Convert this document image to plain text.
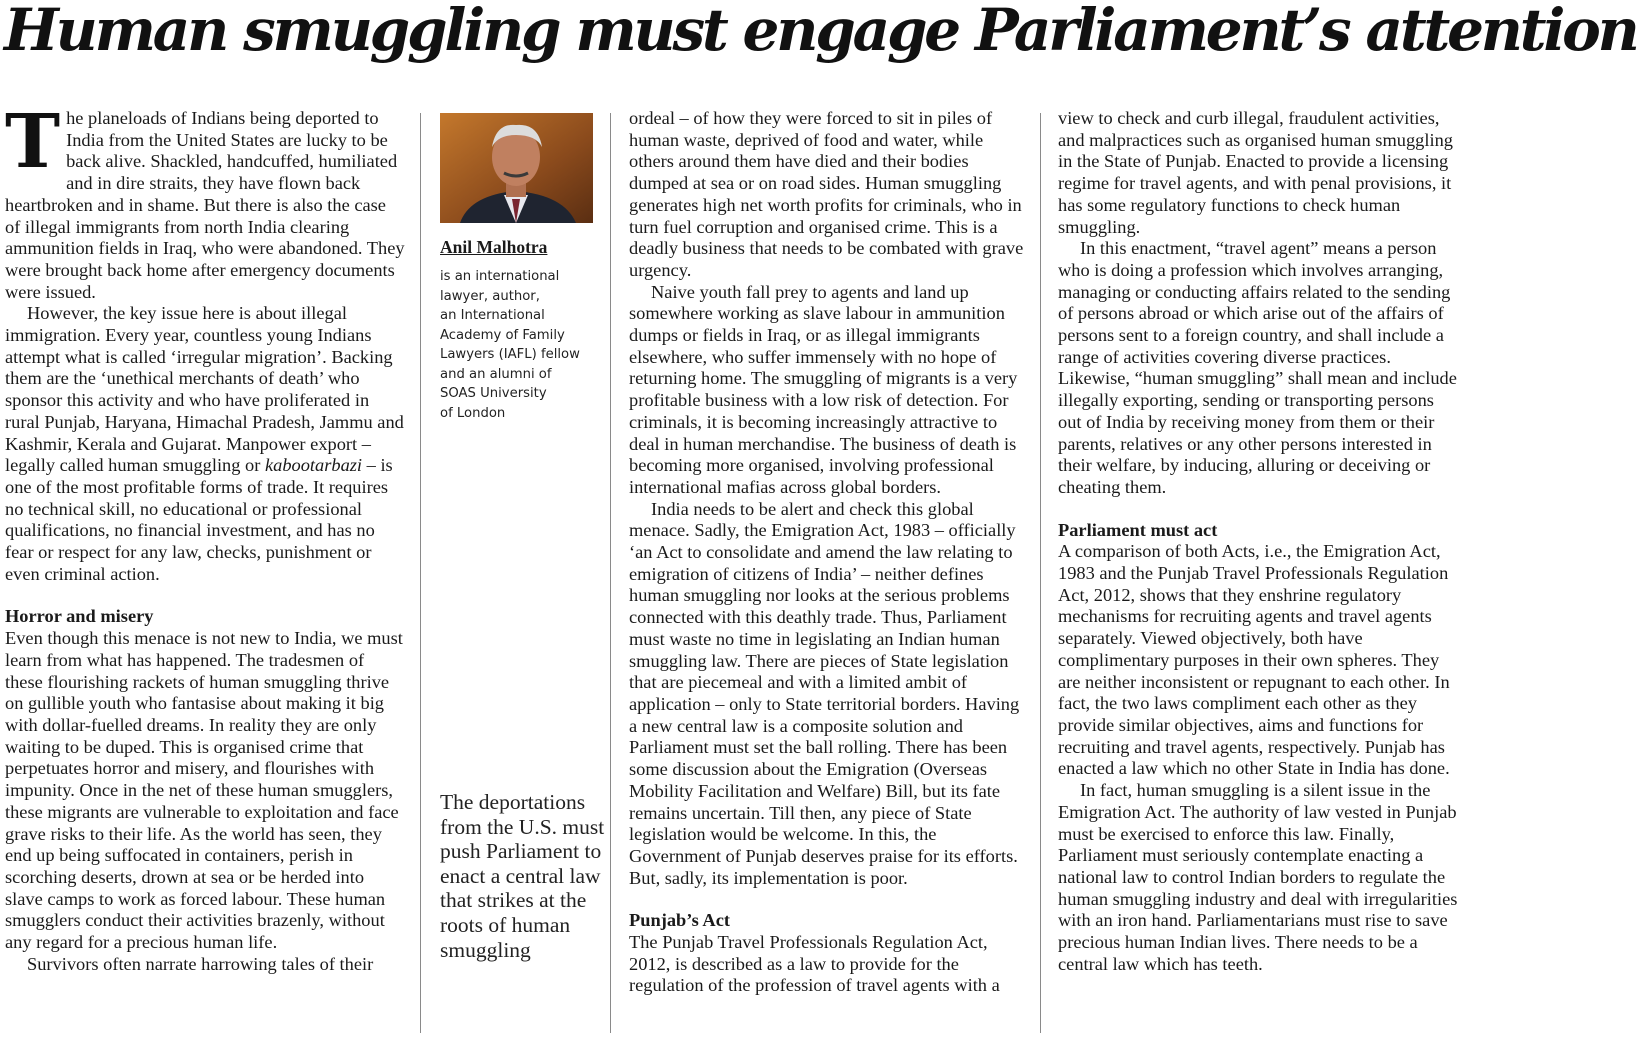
Human smuggling must engage Parliament’s attention

The planeloads of Indians being deported to India from the United States are lucky to be back alive. Shackled, handcuffed, humiliated and in dire straits, they have flown back heartbroken and in shame. But there is also the case of illegal immigrants from north India clearing ammunition fields in Iraq, who were abandoned. They were brought back home after emergency documents were issued.

However, the key issue here is about illegal immigration. Every year, countless young Indians attempt what is called ‘irregular migration’. Backing them are the ‘unethical merchants of death’ who sponsor this activity and who have proliferated in rural Punjab, Haryana, Himachal Pradesh, Jammu and Kashmir, Kerala and Gujarat. Manpower export – legally called human smuggling or kabootarbazi – is one of the most profitable forms of trade. It requires no technical skill, no educational or professional qualifications, no financial investment, and has no fear or respect for any law, checks, punishment or even criminal action.

Horror and misery

Even though this menace is not new to India, we must learn from what has happened. The tradesmen of these flourishing rackets of human smuggling thrive on gullible youth who fantasise about making it big with dollar-fuelled dreams. In reality they are only waiting to be duped. This is organised crime that perpetuates horror and misery, and flourishes with impunity. Once in the net of these human smugglers, these migrants are vulnerable to exploitation and face grave risks to their life. As the world has seen, they end up being suffocated in containers, perish in scorching deserts, drown at sea or be herded into slave camps to work as forced labour. These human smugglers conduct their activities brazenly, without any regard for a precious human life.

Survivors often narrate harrowing tales of their

Anil Malhotra
is an international
lawyer, author,
an International
Academy of Family
Lawyers (IAFL) fellow
and an alumni of
SOAS University
of London
The deportations from the U.S. must push Parliament to enact a central law that strikes at the roots of human smuggling

ordeal – of how they were forced to sit in piles of human waste, deprived of food and water, while others around them have died and their bodies dumped at sea or on road sides. Human smuggling generates high net worth profits for criminals, who in turn fuel corruption and organised crime. This is a deadly business that needs to be combated with grave urgency.

Naive youth fall prey to agents and land up somewhere working as slave labour in ammunition dumps or fields in Iraq, or as illegal immigrants elsewhere, who suffer immensely with no hope of returning home. The smuggling of migrants is a very profitable business with a low risk of detection. For criminals, it is becoming increasingly attractive to deal in human merchandise. The business of death is becoming more organised, involving professional international mafias across global borders.

India needs to be alert and check this global menace. Sadly, the Emigration Act, 1983 – officially ‘an Act to consolidate and amend the law relating to emigration of citizens of India’ – neither defines human smuggling nor looks at the serious problems connected with this deathly trade. Thus, Parliament must waste no time in legislating an Indian human smuggling law. There are pieces of State legislation that are piecemeal and with a limited ambit of application – only to State territorial borders. Having a new central law is a composite solution and Parliament must set the ball rolling. There has been some discussion about the Emigration (Overseas Mobility Facilitation and Welfare) Bill, but its fate remains uncertain. Till then, any piece of State legislation would be welcome. In this, the Government of Punjab deserves praise for its efforts. But, sadly, its implementation is poor.

Punjab’s Act

The Punjab Travel Professionals Regulation Act, 2012, is described as a law to provide for the regulation of the profession of travel agents with a

view to check and curb illegal, fraudulent activities, and malpractices such as organised human smuggling in the State of Punjab. Enacted to provide a licensing regime for travel agents, and with penal provisions, it has some regulatory functions to check human smuggling.

In this enactment, “travel agent” means a person who is doing a profession which involves arranging, managing or conducting affairs related to the sending of persons abroad or which arise out of the affairs of persons sent to a foreign country, and shall include a range of activities covering diverse practices. Likewise, “human smuggling” shall mean and include illegally exporting, sending or transporting persons out of India by receiving money from them or their parents, relatives or any other persons interested in their welfare, by inducing, alluring or deceiving or cheating them.

Parliament must act

A comparison of both Acts, i.e., the Emigration Act, 1983 and the Punjab Travel Professionals Regulation Act, 2012, shows that they enshrine regulatory mechanisms for recruiting agents and travel agents separately. Viewed objectively, both have complimentary purposes in their own spheres. They are neither inconsistent or repugnant to each other. In fact, the two laws compliment each other as they provide similar objectives, aims and functions for recruiting and travel agents, respectively. Punjab has enacted a law which no other State in India has done.

In fact, human smuggling is a silent issue in the Emigration Act. The authority of law vested in Punjab must be exercised to enforce this law. Finally, Parliament must seriously contemplate enacting a national law to control Indian borders to regulate the human smuggling industry and deal with irregularities with an iron hand. Parliamentarians must rise to save precious human Indian lives. There needs to be a central law which has teeth.
